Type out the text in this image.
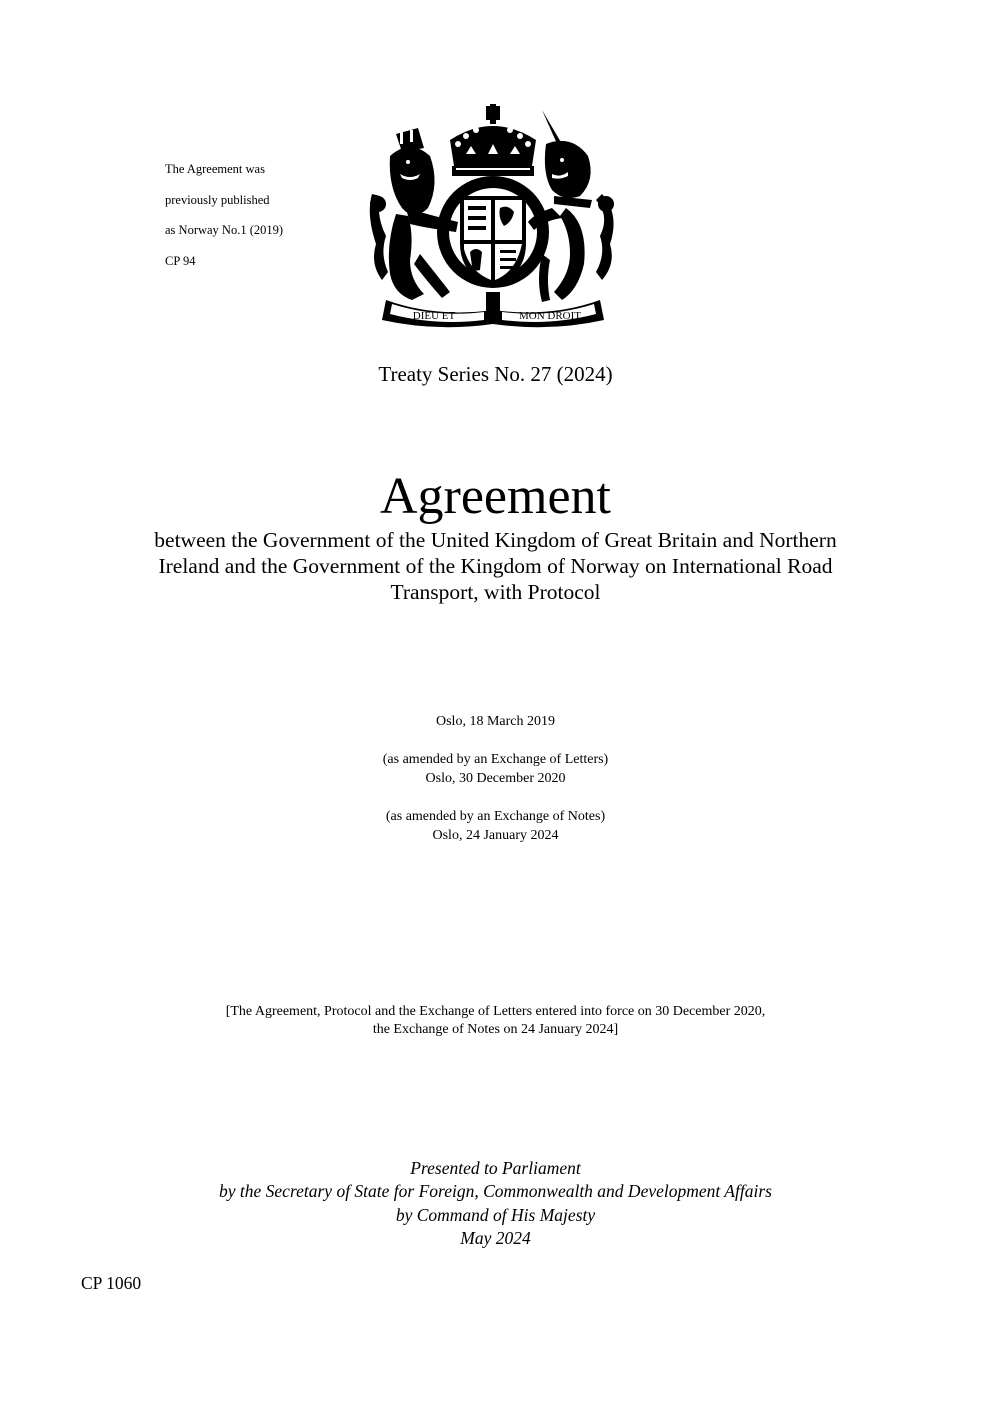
The Agreement was

previously published

as Norway No.1 (2019)

CP 94

DIEU ET	MON DROIT
Treaty Series No. 27 (2024)
Agreement
between the Government of the United Kingdom of Great Britain and Northern
Ireland and the Government of the Kingdom of Norway on International Road
Transport, with Protocol
Oslo, 18 March 2019
(as amended by an Exchange of Letters)
Oslo, 30 December 2020
(as amended by an Exchange of Notes)
Oslo, 24 January 2024
[The Agreement, Protocol and the Exchange of Letters entered into force on 30 December 2020,
the Exchange of Notes on 24 January 2024]
Presented to Parliament
by the Secretary of State for Foreign, Commonwealth and Development Affairs
by Command of His Majesty
May 2024
CP 1060
